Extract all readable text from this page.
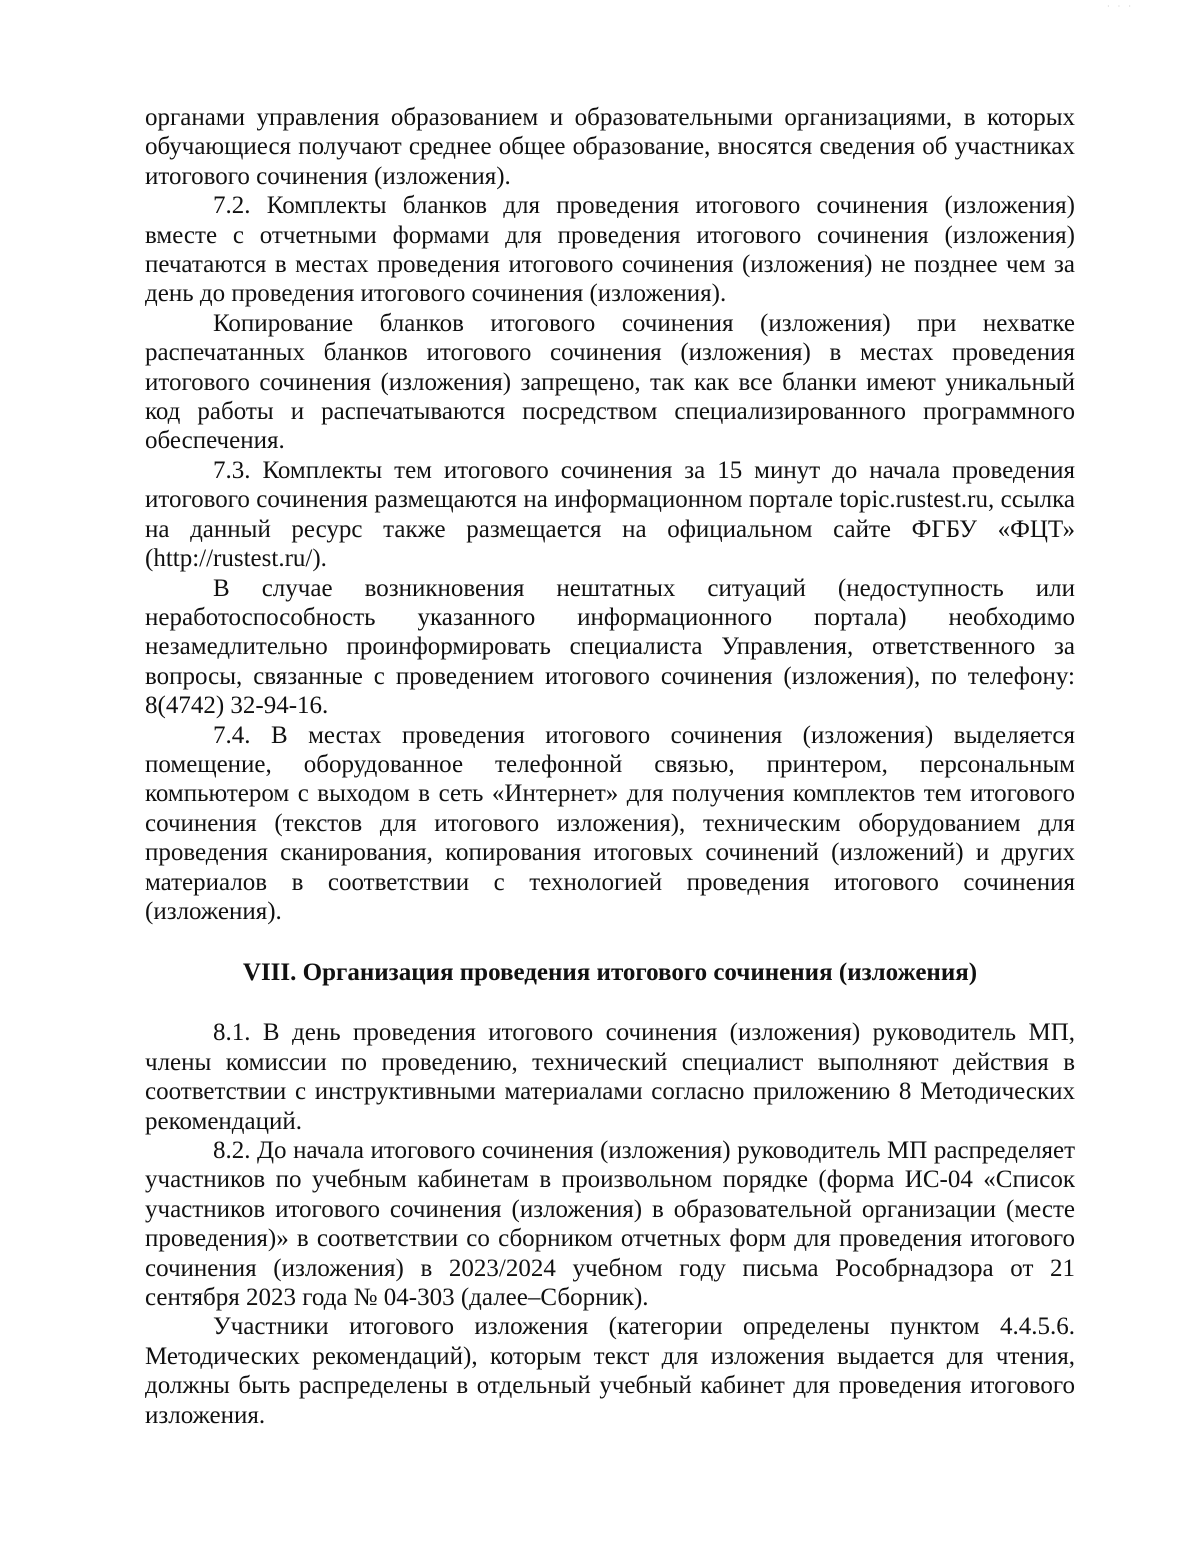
· · ·

органами управления образованием и образовательными организациями, в которых обучающиеся получают среднее общее образование, вносятся сведения об участниках итогового сочинения (изложения).

7.2. Комплекты бланков для проведения итогового сочинения (изложения) вместе с отчетными формами для проведения итогового сочинения (изложения) печатаются в местах проведения итогового сочинения (изложения) не позднее чем за день до проведения итогового сочинения (изложения).

Копирование бланков итогового сочинения (изложения) при нехватке распечатанных бланков итогового сочинения (изложения) в местах проведения итогового сочинения (изложения) запрещено, так как все бланки имеют уникальный код работы и распечатываются посредством специализированного программного обеспечения.

7.3. Комплекты тем итогового сочинения за 15 минут до начала проведения итогового сочинения размещаются на информационном портале topic.rustest.ru, ссылка на данный ресурс также размещается на официальном сайте ФГБУ «ФЦТ» (http://rustest.ru/).

В случае возникновения нештатных ситуаций (недоступность или неработоспособность указанного информационного портала) необходимо незамедлительно проинформировать специалиста Управления, ответственного за вопросы, связанные с проведением итогового сочинения (изложения), по телефону: 8(4742) 32-94-16.

7.4. В местах проведения итогового сочинения (изложения) выделяется помещение, оборудованное телефонной связью, принтером, персональным компьютером с выходом в сеть «Интернет» для получения комплектов тем итогового сочинения (текстов для итогового изложения), техническим оборудованием для проведения сканирования, копирования итоговых сочинений (изложений) и других материалов в соответствии с технологией проведения итогового сочинения (изложения).

VIII. Организация проведения итогового сочинения (изложения)

8.1. В день проведения итогового сочинения (изложения) руководитель МП, члены комиссии по проведению, технический специалист выполняют действия в соответствии с инструктивными материалами согласно приложению 8 Методических рекомендаций.

8.2. До начала итогового сочинения (изложения) руководитель МП распределяет участников по учебным кабинетам в произвольном порядке (форма ИС-04 «Список участников итогового сочинения (изложения) в образовательной организации (месте проведения)» в соответствии со сборником отчетных форм для проведения итогового сочинения (изложения) в 2023/2024 учебном году письма Рособрнадзора от 21 сентября 2023 года № 04-303 (далее–Сборник).

Участники итогового изложения (категории определены пунктом 4.4.5.6. Методических рекомендаций), которым текст для изложения выдается для чтения, должны быть распределены в отдельный учебный кабинет для проведения итогового изложения.
